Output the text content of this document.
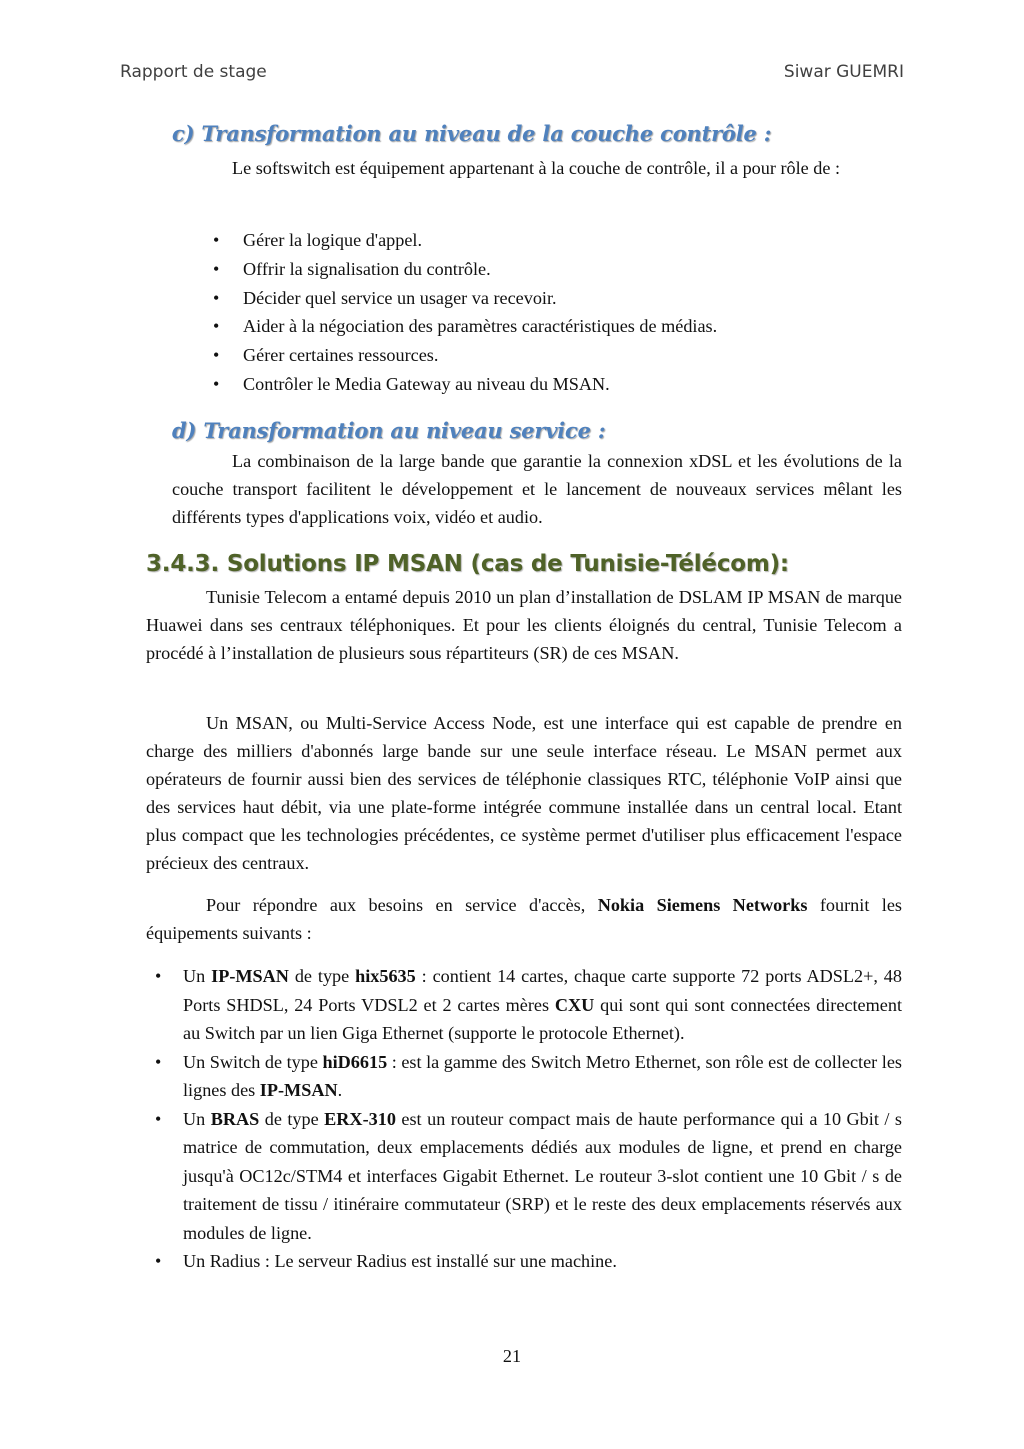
Rapport de stage	Siwar GUEMRI
c) Transformation au niveau de la couche contrôle :

Le softswitch est équipement appartenant à la couche de contrôle, il a pour rôle de :

• Gérer la logique d'appel.
• Offrir la signalisation du contrôle.
• Décider quel service un usager va recevoir.
• Aider à la négociation des paramètres caractéristiques de médias.
• Gérer certaines ressources.
• Contrôler le Media Gateway au niveau du MSAN.
d) Transformation au niveau service :

La combinaison de la large bande que garantie la connexion xDSL et les évolutions de la couche transport facilitent le développement et le lancement de nouveaux services mêlant les différents types d'applications voix, vidéo et audio.

3.4.3. Solutions IP MSAN (cas de Tunisie-Télécom):

Tunisie Telecom a entamé depuis 2010 un plan d’installation de DSLAM IP MSAN de marque Huawei dans ses centraux téléphoniques. Et pour les clients éloignés du central, Tunisie Telecom a procédé à l’installation de plusieurs sous répartiteurs (SR) de ces MSAN.

Un MSAN, ou Multi-Service Access Node, est une interface qui est capable de prendre en charge des milliers d'abonnés large bande sur une seule interface réseau. Le MSAN permet aux opérateurs de fournir aussi bien des services de téléphonie classiques RTC, téléphonie VoIP ainsi que des services haut débit, via une plate-forme intégrée commune installée dans un central local. Etant plus compact que les technologies précédentes, ce système permet d'utiliser plus efficacement l'espace précieux des centraux.

Pour répondre aux besoins en service d'accès, Nokia Siemens Networks fournit les équipements suivants :

• Un IP-MSAN de type hix5635 : contient 14 cartes, chaque carte supporte 72 ports ADSL2+, 48 Ports SHDSL, 24 Ports VDSL2 et 2 cartes mères CXU qui sont qui sont connectées directement au Switch par un lien Giga Ethernet (supporte le protocole Ethernet).
• Un Switch de type hiD6615 : est la gamme des Switch Metro Ethernet, son rôle est de collecter les lignes des IP-MSAN.
• Un BRAS de type ERX-310 est un routeur compact mais de haute performance qui a 10 Gbit / s matrice de commutation, deux emplacements dédiés aux modules de ligne, et prend en charge jusqu'à OC12c/STM4 et interfaces Gigabit Ethernet. Le routeur 3-slot contient une 10 Gbit / s de traitement de tissu / itinéraire commutateur (SRP) et le reste des deux emplacements réservés aux modules de ligne.
• Un Radius : Le serveur Radius est installé sur une machine.
21
